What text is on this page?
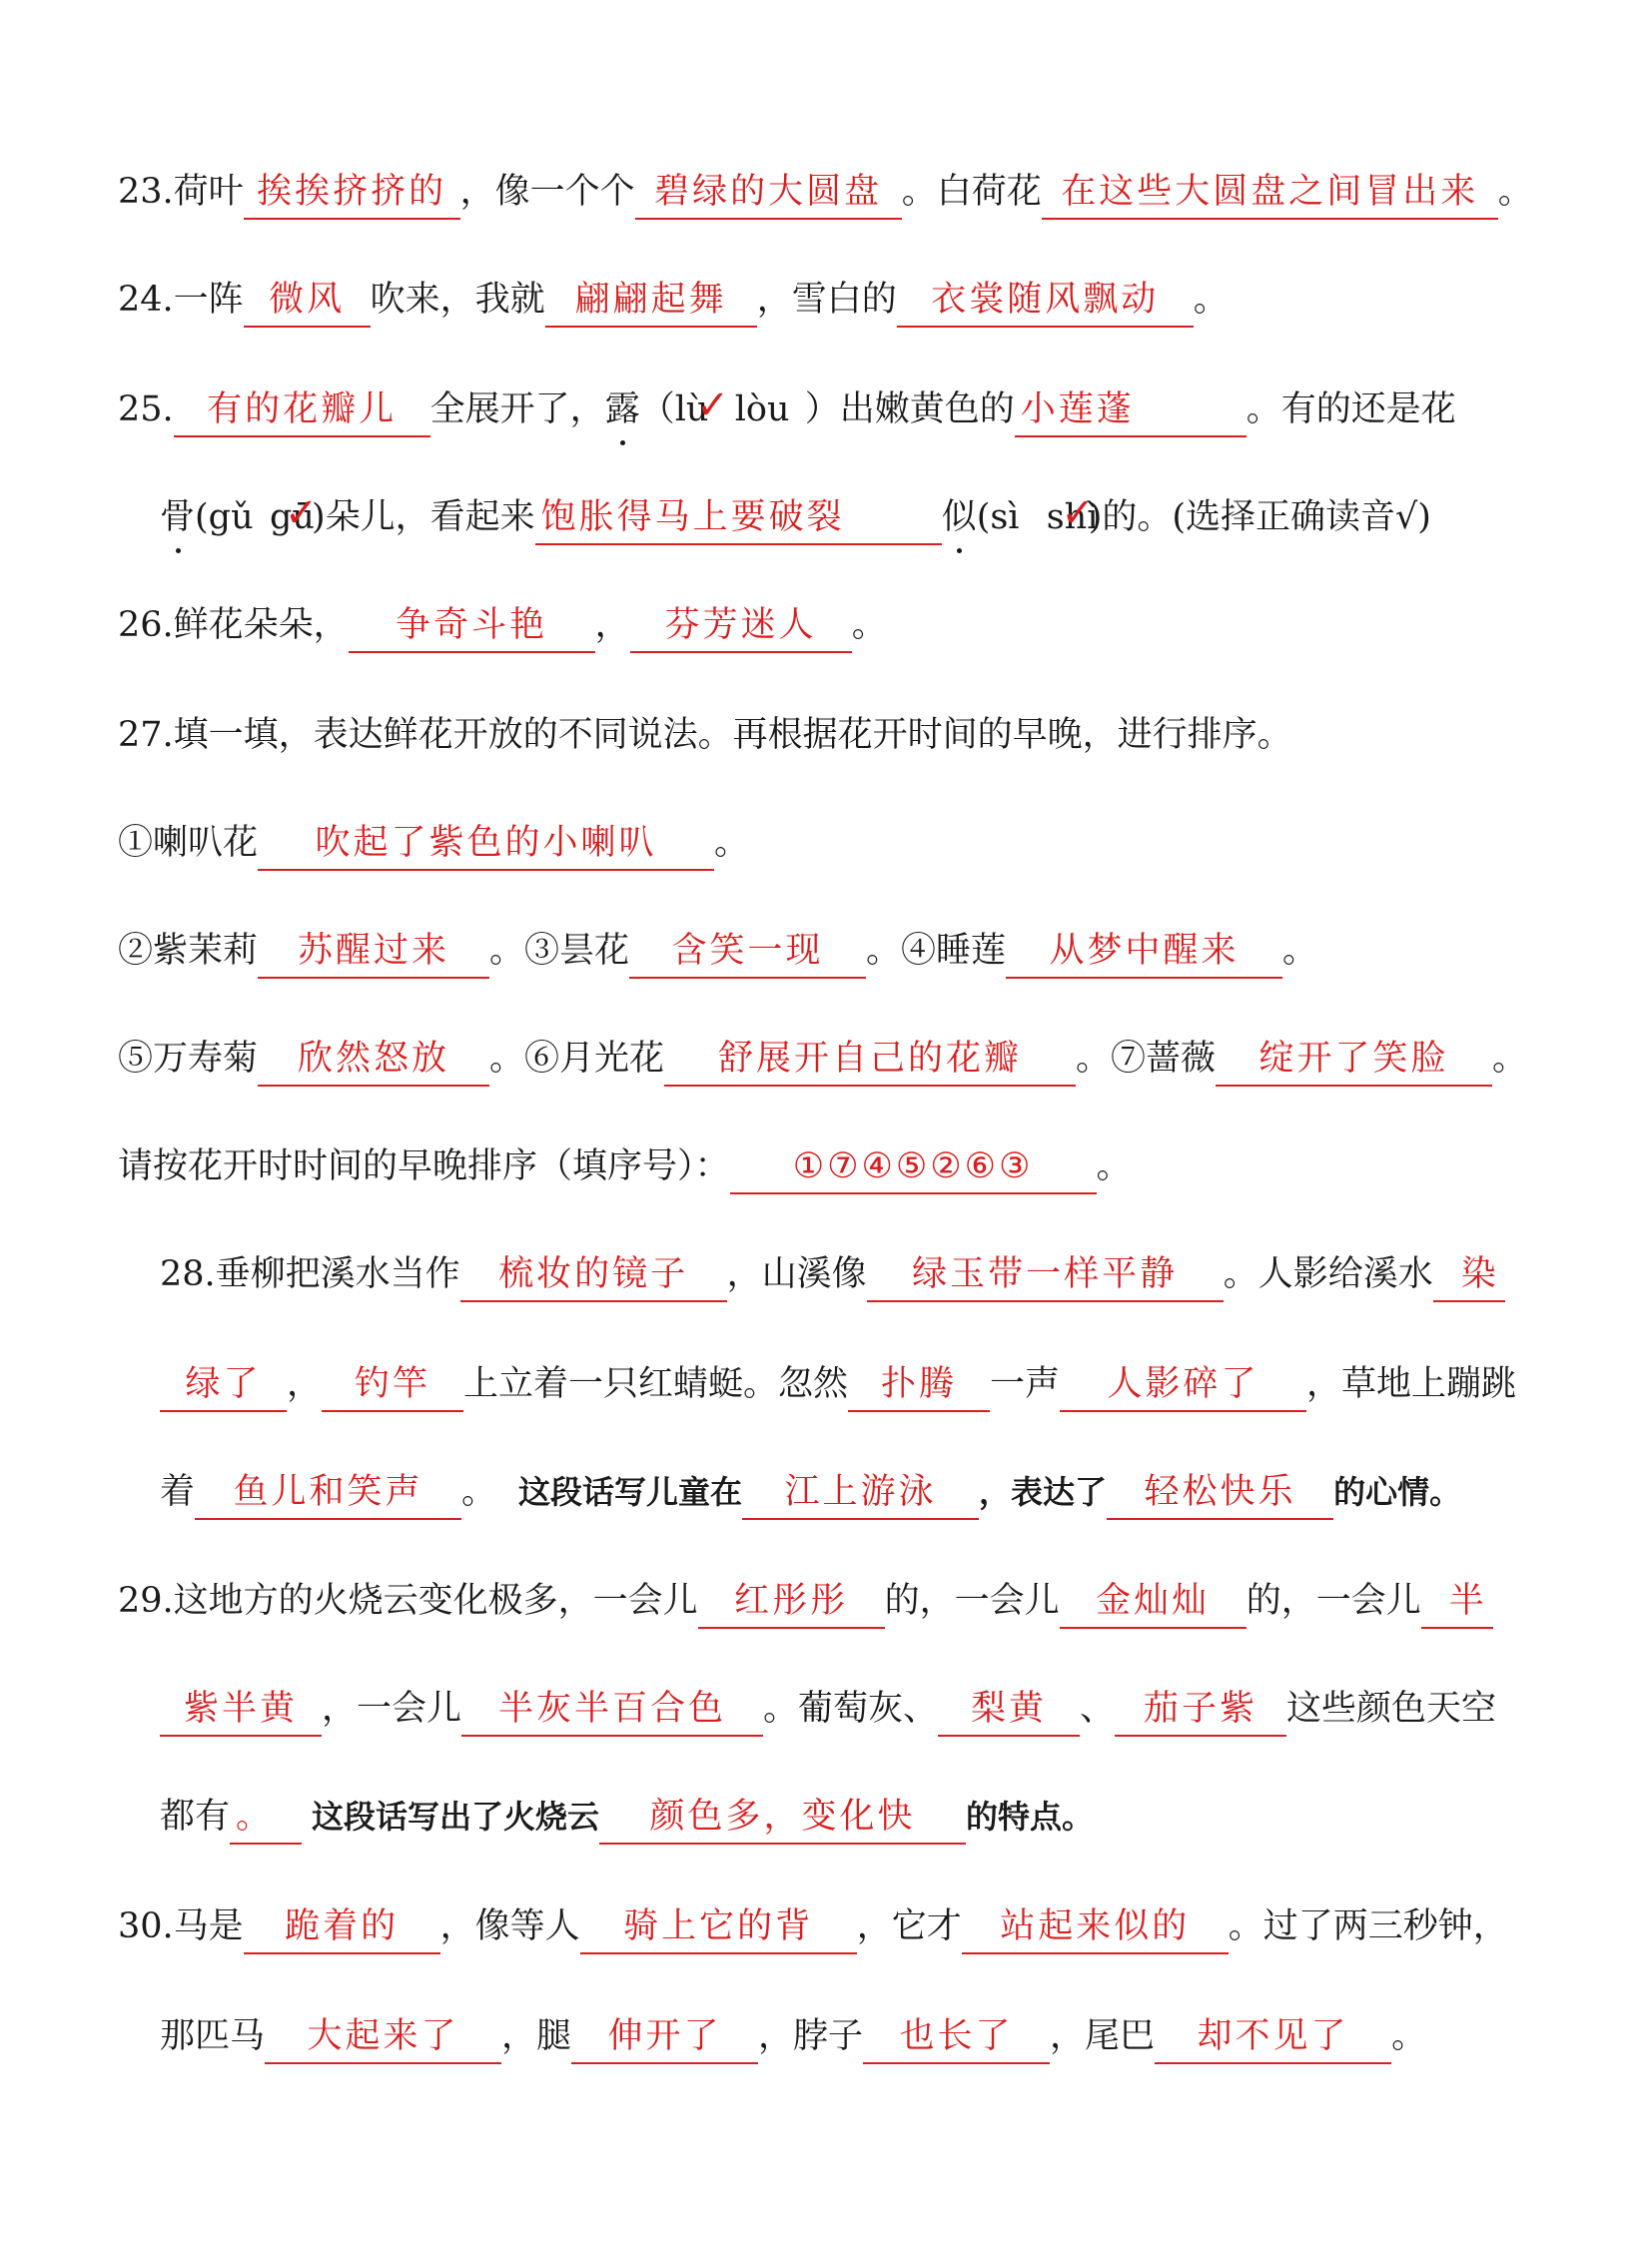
23.荷叶 挨挨挤挤的 ，像一个个 碧绿的大圆盘 。白荷花 在这些大圆盘之间冒出来 。
24.一阵 微风 吹来，我就 翩翩起舞 ，雪白的 衣裳随风飘动 。
25. 有的花瓣儿 全展开了，露（lù ✓ lòu ）出嫩黄色的 小莲蓬	。有的还是花
骨(gǔ gū ✓)朵儿，看起来 饱胀得马上要破裂	似(sì shì ✓)的。(选择正确读音√)
26.鲜花朵朵， 争奇斗艳 ， 芬芳迷人 。
27.填一填，表达鲜花开放的不同说法。再根据花开时间的早晚，进行排序。
①喇叭花 吹起了紫色的小喇叭 。
②紫茉莉 苏醒过来 。③昙花 含笑一现 。④睡莲 从梦中醒来 。
⑤万寿菊 欣然怒放 。⑥月光花 舒展开自己的花瓣 。⑦蔷薇 绽开了笑脸 。
请按花开时时间的早晚排序（填序号）： ①⑦④⑤②⑥③ 。
28.垂柳把溪水当作 梳妆的镜子 ，山溪像 绿玉带一样平静 。人影给溪水 染
绿了 ， 钓竿 上立着一只红蜻蜓。忽然 扑腾 一声 人影碎了 ，草地上蹦跳
着 鱼儿和笑声 。 这段话写儿童在 江上游泳 ，表达了 轻松快乐 的心情。
29.这地方的火烧云变化极多，一会儿 红彤彤 的，一会儿 金灿灿 的，一会儿 半
紫半黄 ，一会儿 半灰半百合色 。葡萄灰、 梨黄 、 茄子紫 这些颜色天空
都有 。 这段话写出了火烧云 颜色多，变化快 的特点。
30.马是 跪着的 ，像等人 骑上它的背 ，它才 站起来似的 。过了两三秒钟，
那匹马 大起来了 ，腿 伸开了 ，脖子 也长了 ，尾巴 却不见了 。
